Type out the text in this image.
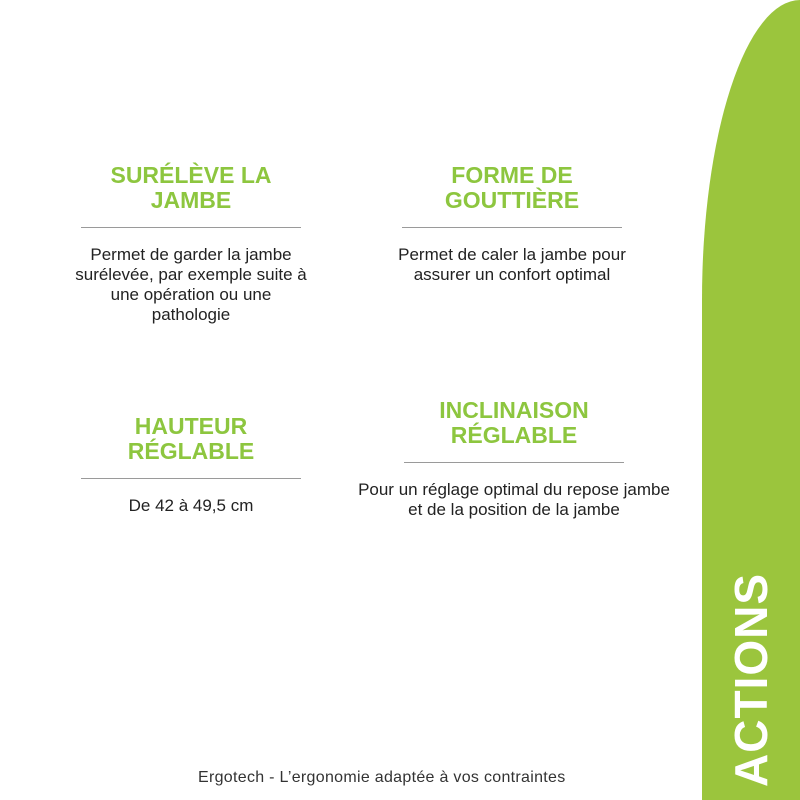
ACTIONS

SURÉLÈVE LA JAMBE

Permet de garder la jambe surélevée, par exemple suite à une opération ou une pathologie

FORME DE GOUTTIÈRE

Permet de caler la jambe pour assurer un confort optimal

HAUTEUR RÉGLABLE

De 42 à 49,5 cm

INCLINAISON RÉGLABLE

Pour un réglage optimal du repose jambe et de la position de la jambe

Ergotech - L’ergonomie adaptée à vos contraintes
